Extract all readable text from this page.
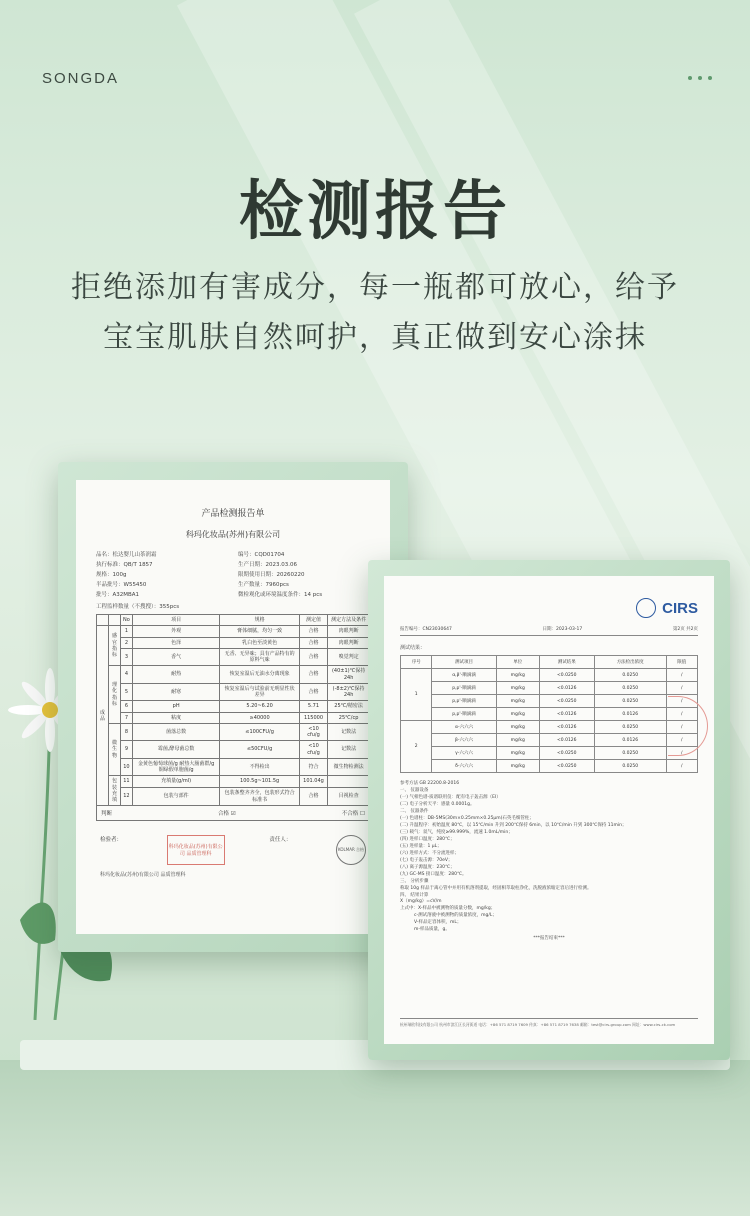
SONGDA
检测报告

拒绝添加有害成分，每一瓶都可放心，给予

宝宝肌肤自然呵护，真正做到安心涂抹

产品检测报告单
科玛化妆品(苏州)有限公司
品名：松达婴儿山茶润霜	编号：CQD01704
执行标准：QB/T 1857	生产日期：2023.03.06
规格：100g	限期使用日期：20260220
半品批号：W55450	生产数量：7960pcs
批号：A32MBA1	微检观化或环境温度条件：14 pcs
工程监样数量（不搜搜）：355pcs
		No	项目	规格	测定值	测定方法及条件
成品	感官指标	1	外观	膏体细腻，均匀一致	合格	肉眼判断
		2	色泽	乳白色至淡黄色	合格	肉眼判断
		3	香气	无香、无异味；具有产品特有的原料气味	合格	嗅觉判定
	理化指标	4	耐热	恢复室温后无油水分离现象	合格	(40±1)℃保持24h
		5	耐寒	恢复室温后与试验前无明显性状差异	合格	(-8±2)℃保持24h
		6	pH	5.20~6.20	5.71	25℃/精密法
		7	粘度	≥40000	115000	25℃/cp
	微生物	8	菌落总数	≤100CFU/g	<10 cfu/g	记数法
		9	霉菌,酵母菌总数	≤50CFU/g	<10 cfu/g	记数法
		10	金黄色葡萄球菌/g 耐热大肠菌群/g 铜绿假单胞菌/g	不得检出	符合	微生物检测法
	包装充填	11	充填量(g/ml)	100.5g~101.5g	101.04g	
		12	包装与部件	包装条整齐齐全，包装形式符合标准书	合格	目视检查
判断	合格 ☑	不合格 ☐
检验者：
科玛化妆品(苏州)有限公司 品质管理科
责任人：
KOLMAR 合格
科玛化妆品(苏州)有限公司 品质管理科
CIRS
报告编号：CN23030647	日期：2023-03-17	第2页 共2页
测试结果：
序号	测试项目	单位	测试结果	方法检出浓度	限值
1	α,β'-顺滴滴	mg/kg	<0.0250	0.0250	/
	p,p'-顺滴滴	mg/kg	<0.0126	0.0250	/
	p,p'-顺滴滴	mg/kg	<0.0250	0.0250	/
	p,p'-顺滴滴	mg/kg	<0.0126	0.0126	/
2	α-六六六	mg/kg	<0.0126	0.0250	/
	β-六六六	mg/kg	<0.0126	0.0126	/
	γ-六六六	mg/kg	<0.0250	0.0250	/
	δ-六六六	mg/kg	<0.0250	0.0250	/
参考方法 GB 22200.8-2016
一、 仪器设备
(一) 气相色谱-质谱联用仪：配有电子轰击源（EI）
(二) 电子分析天平：感量 0.0001g。
二、 仪器条件
(一) 色谱柱：DB-5MS(30m×0.25mm×0.25μm)石英毛细管柱；
(二) 升温程序：初始温度 80℃，以 15℃/min 升到 200℃保持 6min，以 10℃/min 升到 300℃保持 11min；
(三) 载气：氦气，纯度≥99.999%，流速 1.0mL/min；
(四) 进样口温度：280℃；
(五) 进样量：1 μL；
(六) 进样方式：不分流进样；
(七) 电子轰击源：70eV；
(八) 离子源温度：230℃；
(九) GC-MS 接口温度：280℃。
三、 分析步骤
称取 10g 样品于离心管中并用有机溶剂提取，经固相萃取柱净化，洗脱液浓缩定容后进行检测。
四、 结果计算
X（mg/kg）=cV/m
上式中：X-样品中被测物的质量分数，mg/kg；
c-测试溶液中被测物的质量浓度，mg/L；
V-样品定容体积，mL；
m-样品质量，g。
***报告结束***
杭州瑞欧科技有限公司 杭州市滨江区长河街道 电话：+86 571 8719 7609 传真：+86 571 8719 7638 邮箱：test@cirs-group.com 网址：www.cirs-ck.com
